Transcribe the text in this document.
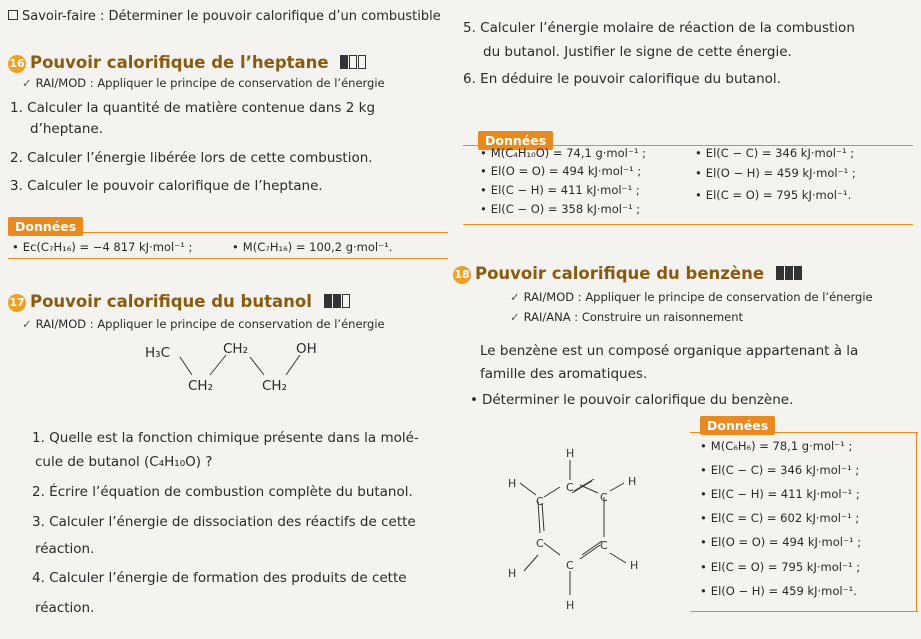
Savoir-faire : Déterminer le pouvoir calorifique d’un combustible
16 Pouvoir calorifique de l’heptane
✓ RAI/MOD : Appliquer le principe de conservation de l’énergie
1. Calculer la quantité de matière contenue dans 2 kg
d’heptane.
2. Calculer l’énergie libérée lors de cette combustion.
3. Calculer le pouvoir calorifique de l’heptane.
Données
• Ec(C₇H₁₆) = −4 817 kJ·mol⁻¹ ;	• M(C₇H₁₆) = 100,2 g·mol⁻¹.
5. Calculer l’énergie molaire de réaction de la combustion
du butanol. Justifier le signe de cette énergie.
6. En déduire le pouvoir calorifique du butanol.
Données
• M(C₄H₁₀O) = 74,1 g·mol⁻¹ ;
• El(O = O) = 494 kJ·mol⁻¹ ;
• El(C − H) = 411 kJ·mol⁻¹ ;
• El(C − O) = 358 kJ·mol⁻¹ ;
• El(C − C) = 346 kJ·mol⁻¹ ;
• El(O − H) = 459 kJ·mol⁻¹ ;
• El(C = O) = 795 kJ·mol⁻¹.
17 Pouvoir calorifique du butanol
✓ RAI/MOD : Appliquer le principe de conservation de l’énergie
H₃C	CH₂	OH
CH₂	CH₂
1. Quelle est la fonction chimique présente dans la molé-
cule de butanol (C₄H₁₀O) ?
2. Écrire l’équation de combustion complète du butanol.
3. Calculer l’énergie de dissociation des réactifs de cette
réaction.
4. Calculer l’énergie de formation des produits de cette
réaction.
18 Pouvoir calorifique du benzène
✓ RAI/MOD : Appliquer le principe de conservation de l’énergie
✓ RAI/ANA : Construire un raisonnement
Le benzène est un composé organique appartenant à la
famille des aromatiques.
• Déterminer le pouvoir calorifique du benzène.
H
C
C
C
C
C
C
H	H
H
H
H
Données
• M(C₆H₆) = 78,1 g·mol⁻¹ ;
• El(C − C) = 346 kJ·mol⁻¹ ;
• El(C − H) = 411 kJ·mol⁻¹ ;
• El(C = C) = 602 kJ·mol⁻¹ ;
• El(O = O) = 494 kJ·mol⁻¹ ;
• El(C = O) = 795 kJ·mol⁻¹ ;
• El(O − H) = 459 kJ·mol⁻¹.
